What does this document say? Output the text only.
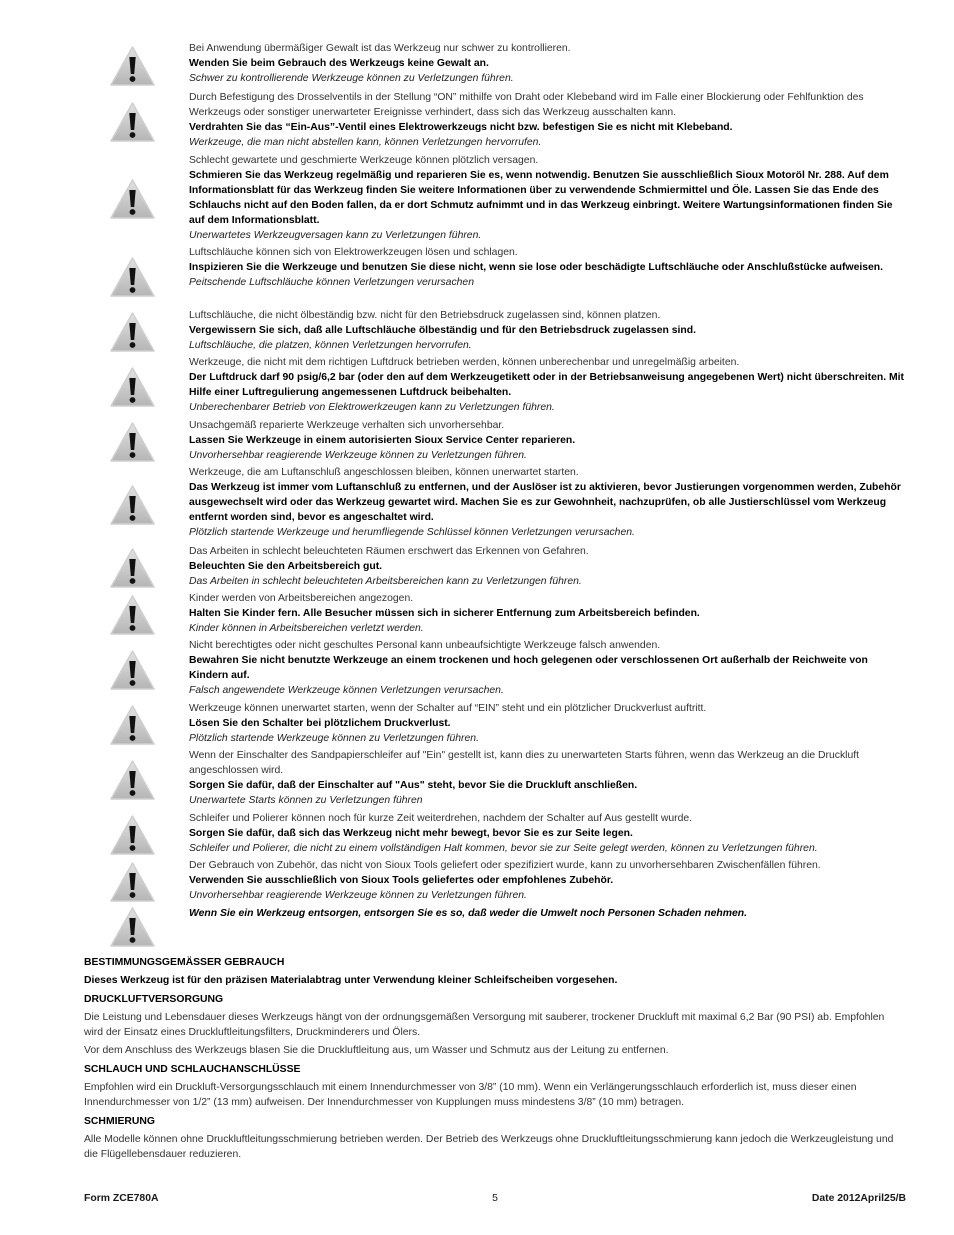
Bei Anwendung übermäßiger Gewalt ist das Werkzeug nur schwer zu kontrollieren.

Wenden Sie beim Gebrauch des Werkzeugs keine Gewalt an.

Schwer zu kontrollierende Werkzeuge können zu Verletzungen führen.

Durch Befestigung des Drosselventils in der Stellung “ON” mithilfe von Draht oder Klebeband wird im Falle einer Blockierung oder Fehlfunktion des Werkzeugs oder sonstiger unerwarteter Ereignisse verhindert, dass sich das Werkzeug ausschalten kann.

Verdrahten Sie das “Ein-Aus”-Ventil eines Elektrowerkzeugs nicht bzw. befestigen Sie es nicht mit Klebeband.

Werkzeuge, die man nicht abstellen kann, können Verletzungen hervorrufen.

Schlecht gewartete und geschmierte Werkzeuge können plötzlich versagen.

Schmieren Sie das Werkzeug regelmäßig und reparieren Sie es, wenn notwendig. Benutzen Sie ausschließlich Sioux Motoröl Nr. 288. Auf dem Informationsblatt für das Werkzeug finden Sie weitere Informationen über zu verwendende Schmiermittel und Öle. Lassen Sie das Ende des Schlauchs nicht auf den Boden fallen, da er dort Schmutz aufnimmt und in das Werkzeug einbringt. Weitere Wartungsinformationen finden Sie auf dem Informationsblatt.

Unerwartetes Werkzeugversagen kann zu Verletzungen führen.

Luftschläuche können sich von Elektrowerkzeugen lösen und schlagen.

Inspizieren Sie die Werkzeuge und benutzen Sie diese nicht, wenn sie lose oder beschädigte Luftschläuche oder Anschlußstücke aufweisen.

Peitschende Luftschläuche können Verletzungen verursachen

Luftschläuche, die nicht ölbeständig bzw. nicht für den Betriebsdruck zugelassen sind, können platzen.

Vergewissern Sie sich, daß alle Luftschläuche ölbeständig und für den Betriebsdruck zugelassen sind.

Luftschläuche, die platzen, können Verletzungen hervorrufen.

Werkzeuge, die nicht mit dem richtigen Luftdruck betrieben werden, können unberechenbar und unregelmäßig arbeiten.

Der Luftdruck darf 90 psig/6,2 bar (oder den auf dem Werkzeugetikett oder in der Betriebsanweisung angegebenen Wert) nicht überschreiten. Mit Hilfe einer Luftregulierung angemessenen Luftdruck beibehalten.

Unberechenbarer Betrieb von Elektrowerkzeugen kann zu Verletzungen führen.

Unsachgemäß reparierte Werkzeuge verhalten sich unvorhersehbar.

Lassen Sie Werkzeuge in einem autorisierten Sioux Service Center reparieren.

Unvorhersehbar reagierende Werkzeuge können zu Verletzungen führen.

Werkzeuge, die am Luftanschluß angeschlossen bleiben, können unerwartet starten.

Das Werkzeug ist immer vom Luftanschluß zu entfernen, und der Auslöser ist zu aktivieren, bevor Justierungen vorgenommen werden, Zubehör ausgewechselt wird oder das Werkzeug gewartet wird. Machen Sie es zur Gewohnheit, nachzuprüfen, ob alle Justierschlüssel vom Werkzeug entfernt worden sind, bevor es angeschaltet wird.

Plötzlich startende Werkzeuge und herumfliegende Schlüssel können Verletzungen verursachen.

Das Arbeiten in schlecht beleuchteten Räumen erschwert das Erkennen von Gefahren.

Beleuchten Sie den Arbeitsbereich gut.

Das Arbeiten in schlecht beleuchteten Arbeitsbereichen kann zu Verletzungen führen.

Kinder werden von Arbeitsbereichen angezogen.

Halten Sie Kinder fern. Alle Besucher müssen sich in sicherer Entfernung zum Arbeitsbereich befinden.

Kinder können in Arbeitsbereichen verletzt werden.

Nicht berechtigtes oder nicht geschultes Personal kann unbeaufsichtigte Werkzeuge falsch anwenden.

Bewahren Sie nicht benutzte Werkzeuge an einem trockenen und hoch gelegenen oder verschlossenen Ort außerhalb der Reichweite von Kindern auf.

Falsch angewendete Werkzeuge können Verletzungen verursachen.

Werkzeuge können unerwartet starten, wenn der Schalter auf “EIN” steht und ein plötzlicher Druckverlust auftritt.

Lösen Sie den Schalter bei plötzlichem Druckverlust.

Plötzlich startende Werkzeuge können zu Verletzungen führen.

Wenn der Einschalter des Sandpapierschleifer auf "Ein" gestellt ist, kann dies zu unerwarteten Starts führen, wenn das Werkzeug an die Druckluft angeschlossen wird.

Sorgen Sie dafür, daß der Einschalter auf "Aus" steht, bevor Sie die Druckluft anschließen.

Unerwartete Starts können zu Verletzungen führen

Schleifer und Polierer können noch für kurze Zeit weiterdrehen, nachdem der Schalter auf Aus gestellt wurde.

Sorgen Sie dafür, daß sich das Werkzeug nicht mehr bewegt, bevor Sie es zur Seite legen.

Schleifer und Polierer, die nicht zu einem vollständigen Halt kommen, bevor sie zur Seite gelegt werden, können zu Verletzungen führen.

Der Gebrauch von Zubehör, das nicht von Sioux Tools geliefert oder spezifiziert wurde, kann zu unvorhersehbaren Zwischenfällen führen.

Verwenden Sie ausschließlich von Sioux Tools geliefertes oder empfohlenes Zubehör.

Unvorhersehbar reagierende Werkzeuge können zu Verletzungen führen.

Wenn Sie ein Werkzeug entsorgen, entsorgen Sie es so, daß weder die Umwelt noch Personen Schaden nehmen.

BESTIMMUNGSGEMÄSSER GEBRAUCH

Dieses Werkzeug ist für den präzisen Materialabtrag unter Verwendung kleiner Schleifscheiben vorgesehen.

DRUCKLUFTVERSORGUNG

Die Leistung und Lebensdauer dieses Werkzeugs hängt von der ordnungsgemäßen Versorgung mit sauberer, trockener Druckluft mit maximal 6,2 Bar (90 PSI) ab. Empfohlen wird der Einsatz eines Druckluftleitungsfilters, Druckminderers und Ölers.

Vor dem Anschluss des Werkzeugs blasen Sie die Druckluftleitung aus, um Wasser und Schmutz aus der Leitung zu entfernen.

SCHLAUCH UND SCHLAUCHANSCHLÜSSE

Empfohlen wird ein Druckluft-Versorgungsschlauch mit einem Innendurchmesser von 3/8” (10 mm). Wenn ein Verlängerungsschlauch erforderlich ist, muss dieser einen Innendurchmesser von 1/2” (13 mm) aufweisen. Der Innendurchmesser von Kupplungen muss mindestens 3/8” (10 mm) betragen.

SCHMIERUNG

Alle Modelle können ohne Druckluftleitungsschmierung betrieben werden. Der Betrieb des Werkzeugs ohne Druckluftleitungsschmierung kann jedoch die Werkzeugleistung und die Flügellebensdauer reduzieren.

Form ZCE780A	5	Date 2012April25/B
